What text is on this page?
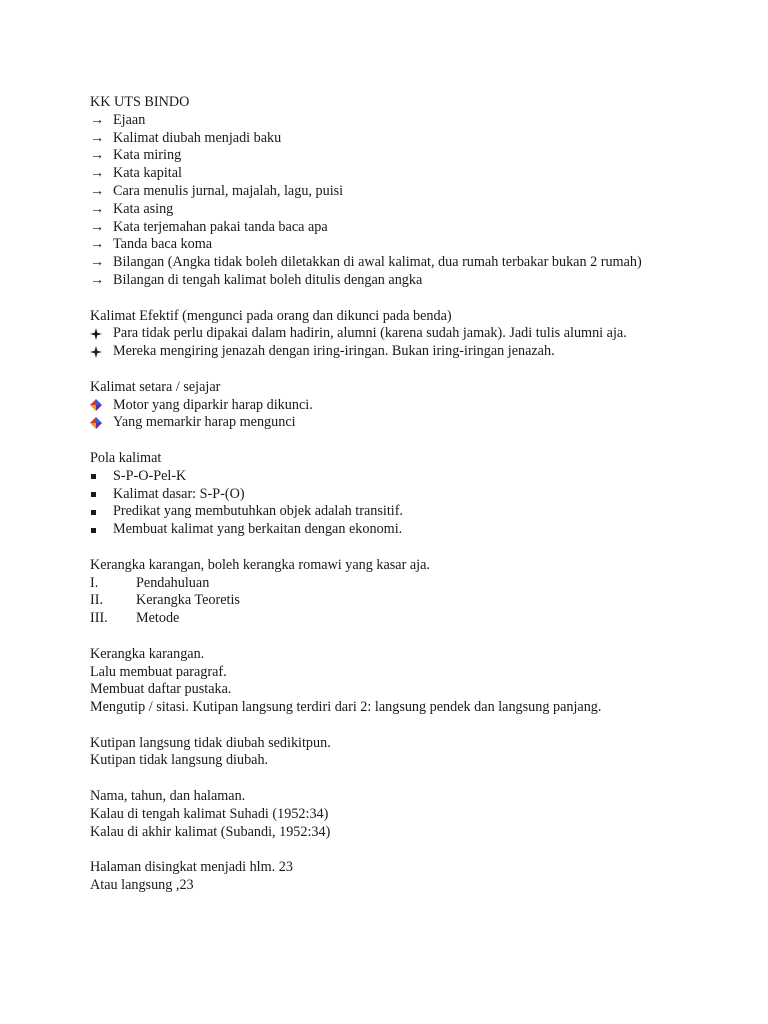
KK UTS BINDO
→ Ejaan
→ Kalimat diubah menjadi baku
→ Kata miring
→ Kata kapital
→ Cara menulis jurnal, majalah, lagu, puisi
→ Kata asing
→ Kata terjemahan pakai tanda baca apa
→ Tanda baca koma
→ Bilangan (Angka tidak boleh diletakkan di awal kalimat, dua rumah terbakar bukan 2 rumah)
→ Bilangan di tengah kalimat boleh ditulis dengan angka
Kalimat Efektif (mengunci pada orang dan dikunci pada benda)
Para tidak perlu dipakai dalam hadirin, alumni (karena sudah jamak). Jadi tulis alumni aja.
Mereka mengiring jenazah dengan iring-iringan. Bukan iring-iringan jenazah.
Kalimat setara / sejajar
Motor yang diparkir harap dikunci.
Yang memarkir harap mengunci
Pola kalimat
S-P-O-Pel-K
Kalimat dasar: S-P-(O)
Predikat yang membutuhkan objek adalah transitif.
Membuat kalimat yang berkaitan dengan ekonomi.
Kerangka karangan, boleh kerangka romawi yang kasar aja.
I.	Pendahuluan
II.	Kerangka Teoretis
III.	Metode
Kerangka karangan.
Lalu membuat paragraf.
Membuat daftar pustaka.
Mengutip / sitasi. Kutipan langsung terdiri dari 2: langsung pendek dan langsung panjang.
Kutipan langsung tidak diubah sedikitpun.
Kutipan tidak langsung diubah.
Nama, tahun, dan halaman.
Kalau di tengah kalimat Suhadi (1952:34)
Kalau di akhir kalimat (Subandi, 1952:34)
Halaman disingkat menjadi hlm. 23
Atau langsung ,23
